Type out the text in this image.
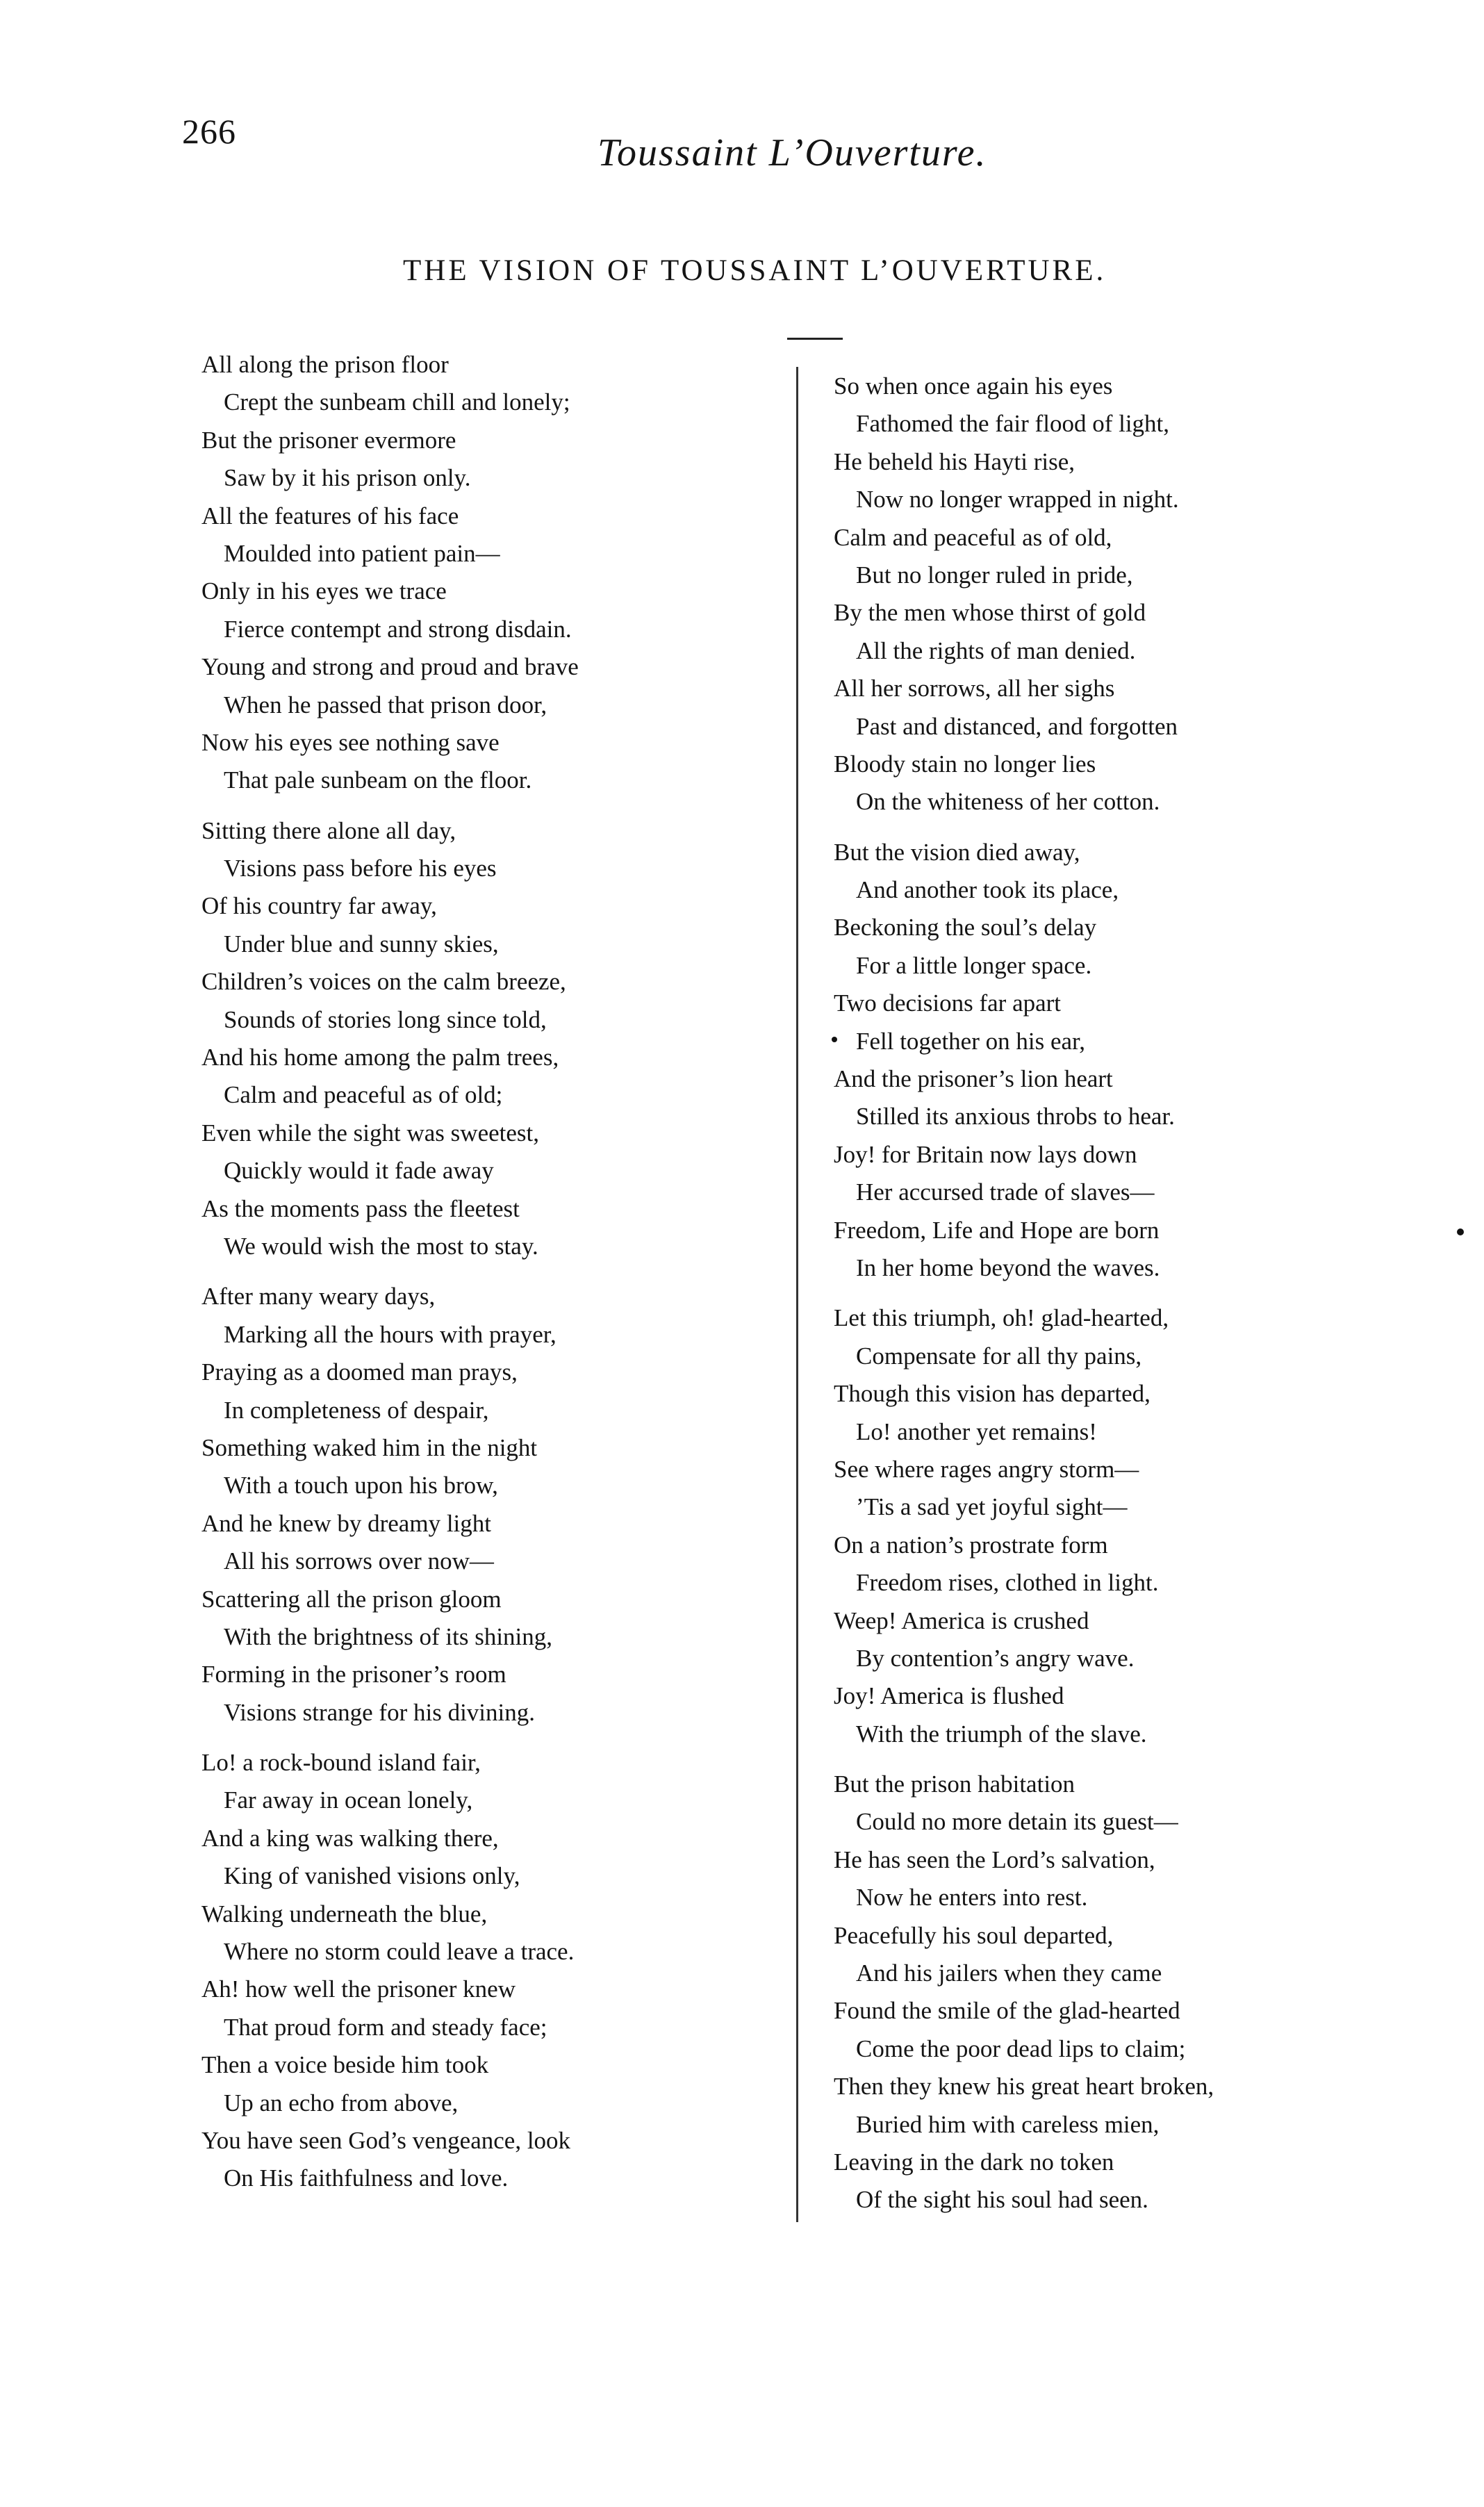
266	Toussaint L’Ouverture.
THE VISION OF TOUSSAINT L’OUVERTURE.
All along the prison floor
Crept the sunbeam chill and lonely;
But the prisoner evermore
Saw by it his prison only.
All the features of his face
Moulded into patient pain—
Only in his eyes we trace
Fierce contempt and strong disdain.
Young and strong and proud and brave
When he passed that prison door,
Now his eyes see nothing save
That pale sunbeam on the floor.
Sitting there alone all day,
Visions pass before his eyes
Of his country far away,
Under blue and sunny skies,
Children’s voices on the calm breeze,
Sounds of stories long since told,
And his home among the palm trees,
Calm and peaceful as of old;
Even while the sight was sweetest,
Quickly would it fade away
As the moments pass the fleetest
We would wish the most to stay.
After many weary days,
Marking all the hours with prayer,
Praying as a doomed man prays,
In completeness of despair,
Something waked him in the night
With a touch upon his brow,
And he knew by dreamy light
All his sorrows over now—
Scattering all the prison gloom
With the brightness of its shining,
Forming in the prisoner’s room
Visions strange for his divining.
Lo! a rock-bound island fair,
Far away in ocean lonely,
And a king was walking there,
King of vanished visions only,
Walking underneath the blue,
Where no storm could leave a trace.
Ah! how well the prisoner knew
That proud form and steady face;
Then a voice beside him took
Up an echo from above,
You have seen God’s vengeance, look
On His faithfulness and love.
So when once again his eyes
Fathomed the fair flood of light,
He beheld his Hayti rise,
Now no longer wrapped in night.
Calm and peaceful as of old,
But no longer ruled in pride,
By the men whose thirst of gold
All the rights of man denied.
All her sorrows, all her sighs
Past and distanced, and forgotten
Bloody stain no longer lies
On the whiteness of her cotton.
But the vision died away,
And another took its place,
Beckoning the soul’s delay
For a little longer space.
Two decisions far apart
Fell together on his ear,
And the prisoner’s lion heart
Stilled its anxious throbs to hear.
Joy! for Britain now lays down
Her accursed trade of slaves—
Freedom, Life and Hope are born
In her home beyond the waves.
Let this triumph, oh! glad-hearted,
Compensate for all thy pains,
Though this vision has departed,
Lo! another yet remains!
See where rages angry storm—
’Tis a sad yet joyful sight—
On a nation’s prostrate form
Freedom rises, clothed in light.
Weep! America is crushed
By contention’s angry wave.
Joy! America is flushed
With the triumph of the slave.
But the prison habitation
Could no more detain its guest—
He has seen the Lord’s salvation,
Now he enters into rest.
Peacefully his soul departed,
And his jailers when they came
Found the smile of the glad-hearted
Come the poor dead lips to claim;
Then they knew his great heart broken,
Buried him with careless mien,
Leaving in the dark no token
Of the sight his soul had seen.
